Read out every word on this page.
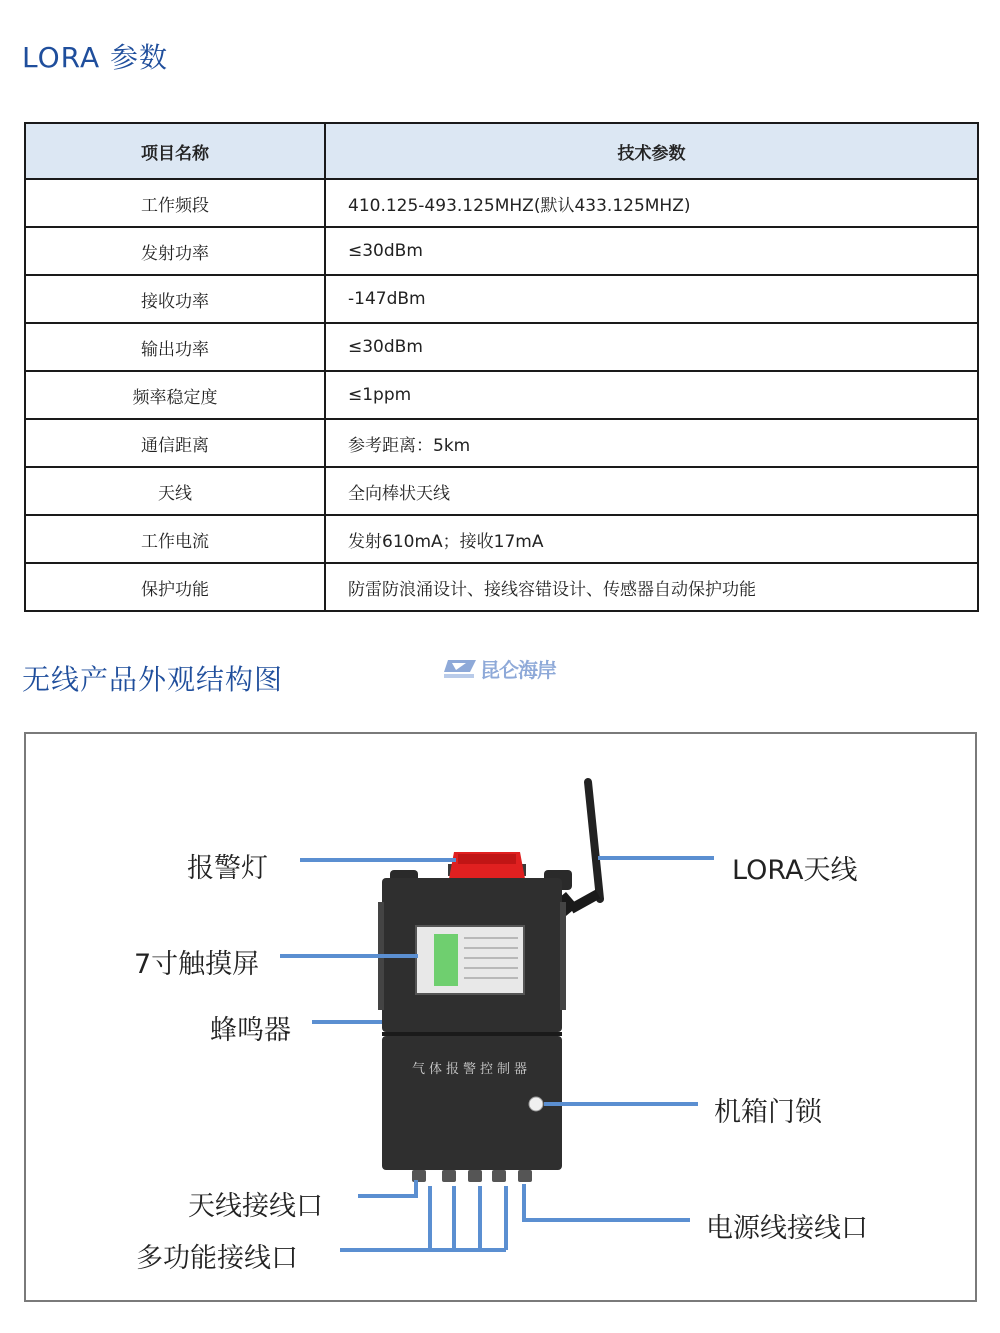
LORA 参数
项目名称	技术参数
工作频段	410.125-493.125MHZ(默认433.125MHZ)
发射功率	≤30dBm
接收功率	-147dBm
输出功率	≤30dBm
频率稳定度	≤1ppm
通信距离	参考距离：5km
天线	全向棒状天线
工作电流	发射610mA；接收17mA
保护功能	防雷防浪涌设计、接线容错设计、传感器自动保护功能
无线产品外观结构图	昆仑海岸
报警灯
7寸触摸屏
蜂鸣器
天线接线口
多功能接线口
LORA天线
机箱门锁
电源线接线口
气体报警控制器
